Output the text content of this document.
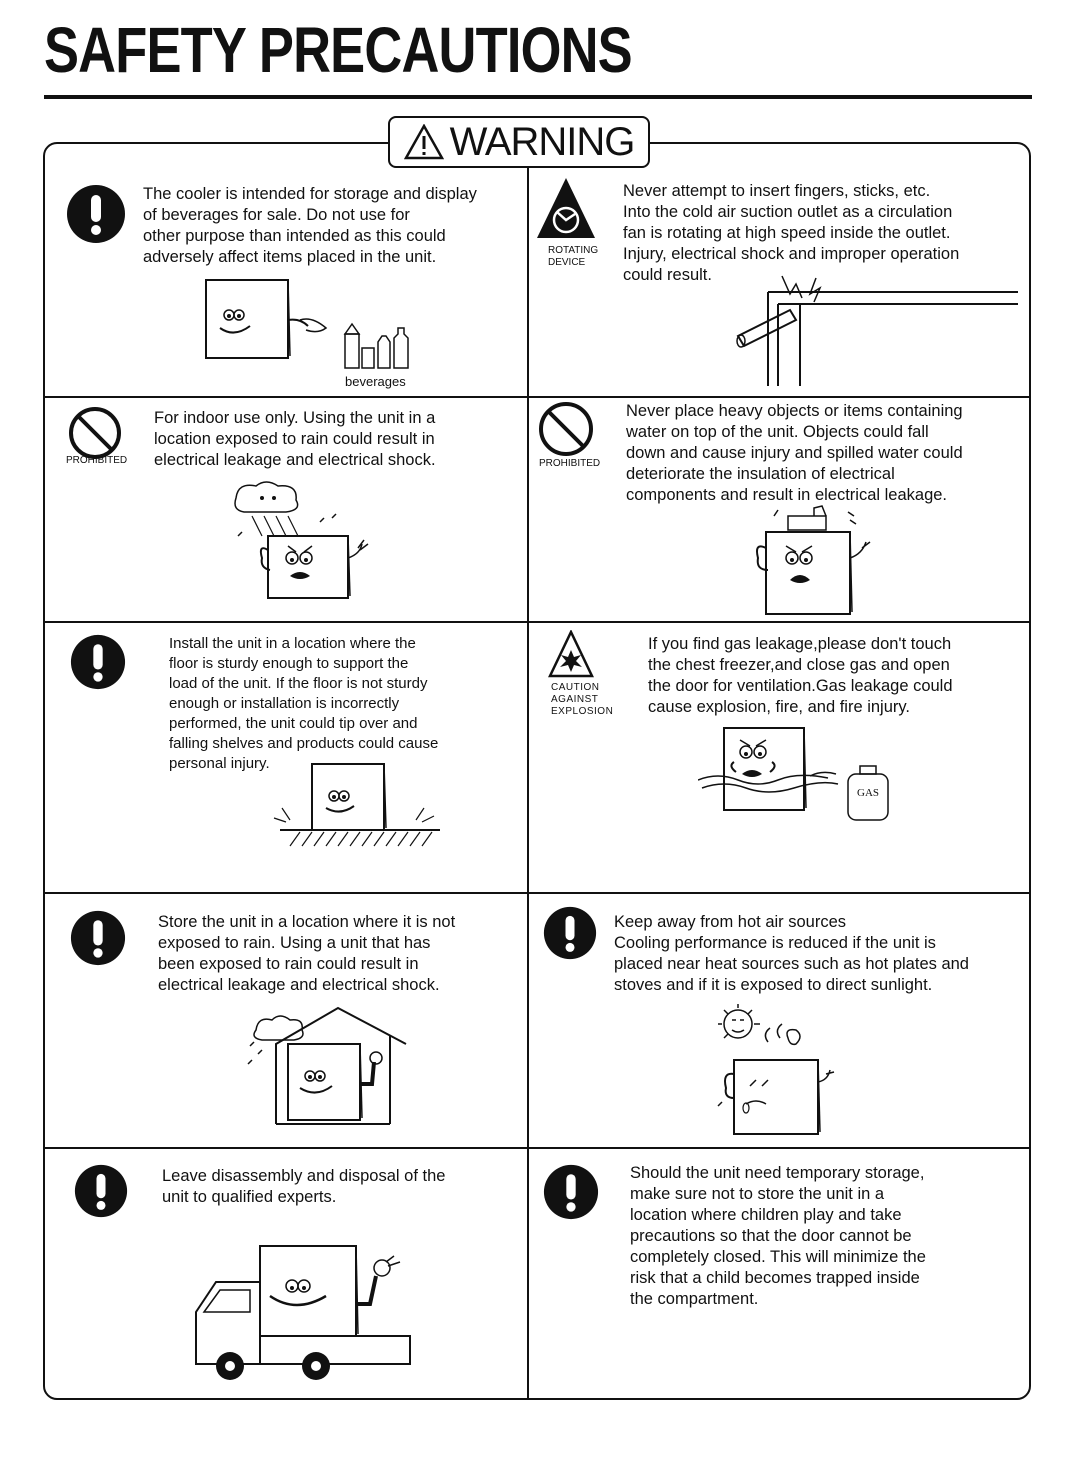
SAFETY PRECAUTIONS
WARNING
The cooler is intended for storage and display
of beverages for sale. Do not use for
other purpose than intended as this could
adversely affect items placed in the unit.
beverages
ROTATING DEVICE
Never attempt to insert fingers, sticks, etc.
Into the cold air suction outlet as a circulation
fan is rotating at high speed inside the outlet.
Injury, electrical shock and improper operation
could result.
PROHIBITED
For indoor use only. Using the unit in a
location exposed to rain could result in
electrical leakage and electrical shock.	PROHIBITED
Never place heavy objects or items containing
water on top of the unit. Objects could fall
down and cause injury and spilled water could
deteriorate the insulation of electrical
components and result in electrical leakage.
Install the unit in a location where the
floor is sturdy enough to support the
load of the unit. If the floor is not sturdy
enough or installation is incorrectly
performed, the unit could tip over and
falling shelves and products could cause
personal injury.
CAUTION AGAINST EXPLOSION
If you find gas leakage,please don't touch
the chest freezer,and close gas and open
the door for ventilation.Gas leakage could
cause explosion, fire, and fire injury.
GAS
Store the unit in a location where it is not
exposed to rain. Using a unit that has
been exposed to rain could result in
electrical leakage and electrical shock.
Keep away from hot air sources
Cooling performance is reduced if the unit is
placed near heat sources such as hot plates and
stoves and if it is exposed to direct sunlight.
Leave disassembly and disposal of the
unit to qualified experts.
Should the unit need temporary storage,
make sure not to store the unit in a
location where children play and take
precautions so that the door cannot be
completely closed. This will minimize the
risk that a child becomes trapped inside
the compartment.
